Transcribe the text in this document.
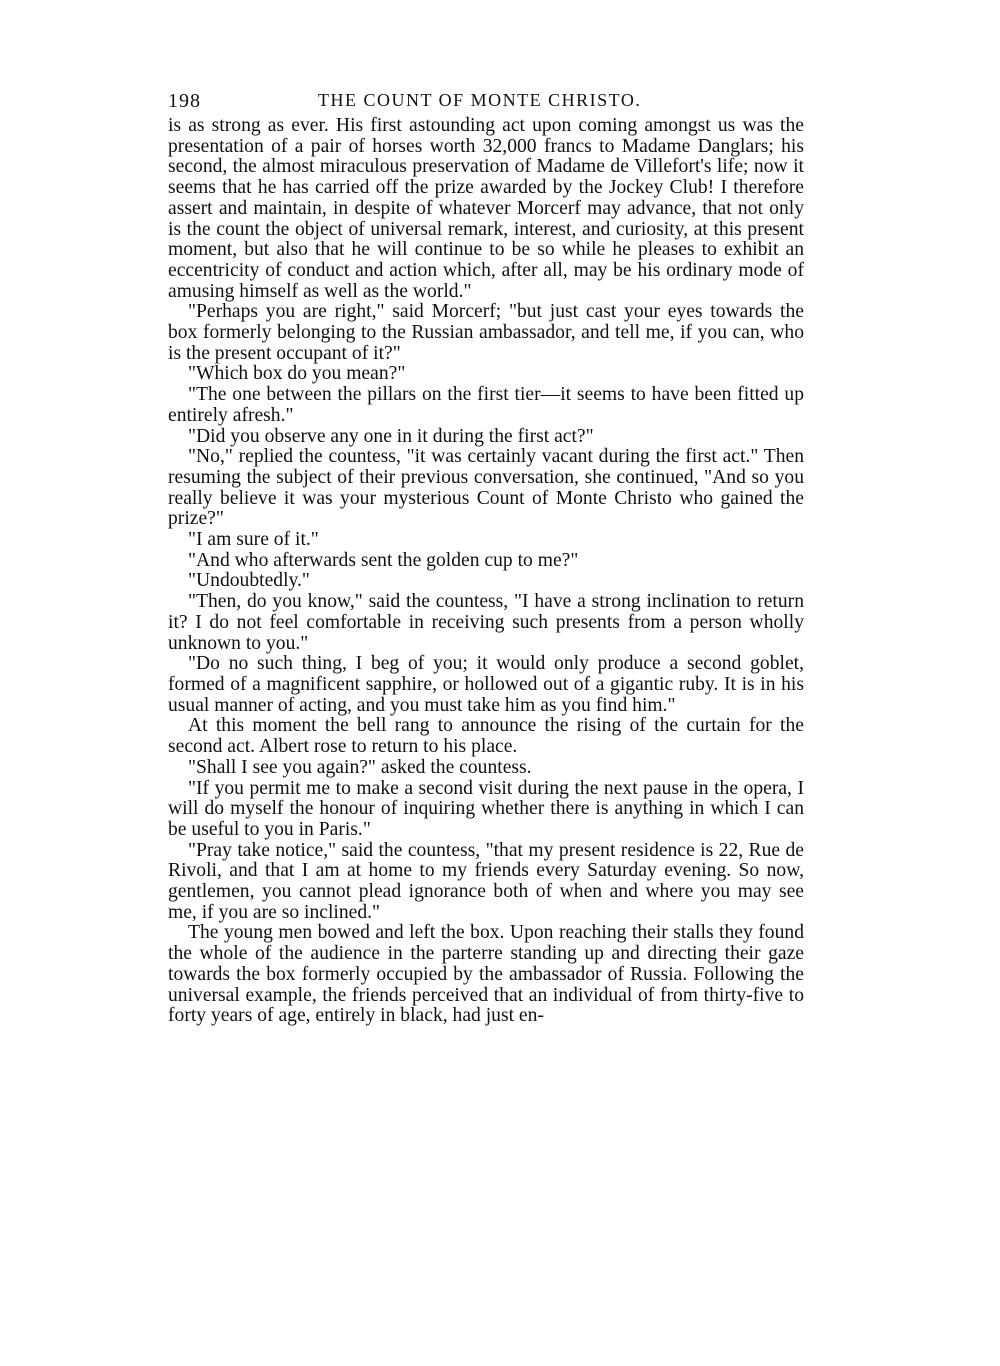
198	THE COUNT OF MONTE CHRISTO.

is as strong as ever. His first astounding act upon coming amongst us was the presentation of a pair of horses worth 32,000 francs to Madame Danglars; his second, the almost miraculous preservation of Madame de Villefort's life; now it seems that he has carried off the prize awarded by the Jockey Club! I therefore assert and maintain, in despite of whatever Morcerf may advance, that not only is the count the object of universal remark, interest, and curiosity, at this present moment, but also that he will continue to be so while he pleases to exhibit an eccentricity of conduct and action which, after all, may be his ordinary mode of amusing himself as well as the world."

"Perhaps you are right," said Morcerf; "but just cast your eyes towards the box formerly belonging to the Russian ambassador, and tell me, if you can, who is the present occupant of it?"

"Which box do you mean?"

"The one between the pillars on the first tier—it seems to have been fitted up entirely afresh."

"Did you observe any one in it during the first act?"

"No," replied the countess, "it was certainly vacant during the first act." Then resuming the subject of their previous conversation, she continued, "And so you really believe it was your mysterious Count of Monte Christo who gained the prize?"

"I am sure of it."

"And who afterwards sent the golden cup to me?"

"Undoubtedly."

"Then, do you know," said the countess, "I have a strong inclination to return it? I do not feel comfortable in receiving such presents from a person wholly unknown to you."

"Do no such thing, I beg of you; it would only produce a second goblet, formed of a magnificent sapphire, or hollowed out of a gigantic ruby. It is in his usual manner of acting, and you must take him as you find him."

At this moment the bell rang to announce the rising of the curtain for the second act. Albert rose to return to his place.

"Shall I see you again?" asked the countess.

"If you permit me to make a second visit during the next pause in the opera, I will do myself the honour of inquiring whether there is anything in which I can be useful to you in Paris."

"Pray take notice," said the countess, "that my present residence is 22, Rue de Rivoli, and that I am at home to my friends every Saturday evening. So now, gentlemen, you cannot plead ignorance both of when and where you may see me, if you are so inclined."

The young men bowed and left the box. Upon reaching their stalls they found the whole of the audience in the parterre standing up and directing their gaze towards the box formerly occupied by the ambassador of Russia. Following the universal example, the friends perceived that an individual of from thirty-five to forty years of age, entirely in black, had just en-
